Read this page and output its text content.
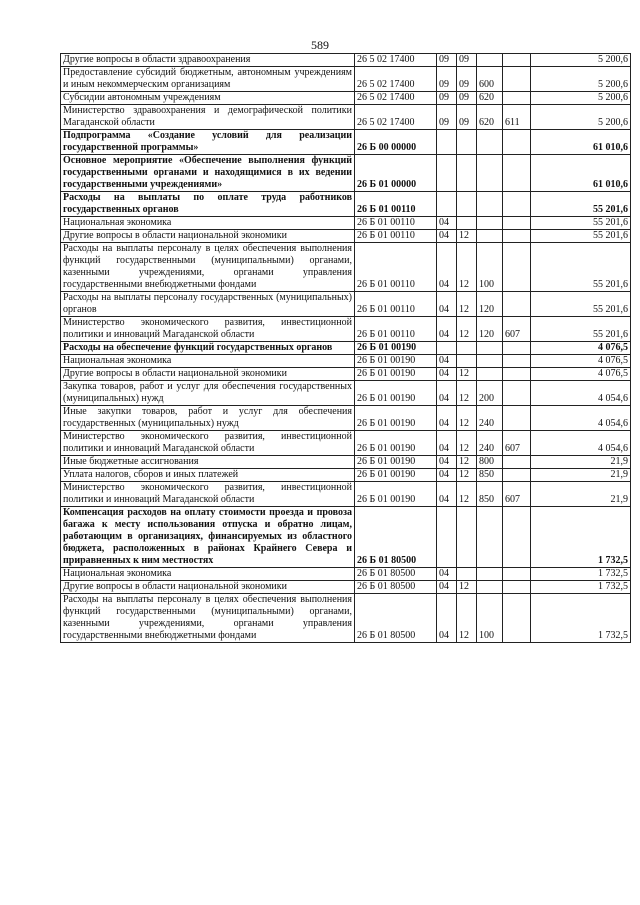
589
Другие вопросы в области здравоохранения	26 5 02 17400	09	09			5 200,6
Предоставление субсидий бюджетным, автономным учреждениям и иным некоммерческим организациям	26 5 02 17400	09	09	600		5 200,6
Субсидии автономным учреждениям	26 5 02 17400	09	09	620		5 200,6
Министерство здравоохранения и демографической политики Магаданской области	26 5 02 17400	09	09	620	611	5 200,6
Подпрограмма «Создание условий для реализации государственной программы»	26 Б 00 00000					61 010,6
Основное мероприятие «Обеспечение выполнения функций государственными органами и находящимися в их ведении государственными учреждениями»	26 Б 01 00000					61 010,6
Расходы на выплаты по оплате труда работников государственных органов	26 Б 01 00110					55 201,6
Национальная экономика	26 Б 01 00110	04				55 201,6
Другие вопросы в области национальной экономики	26 Б 01 00110	04	12			55 201,6
Расходы на выплаты персоналу в целях обеспечения выполнения функций государственными (муниципальными) органами, казенными учреждениями, органами управления государственными внебюджетными фондами	26 Б 01 00110	04	12	100		55 201,6
Расходы на выплаты персоналу государственных (муниципальных) органов	26 Б 01 00110	04	12	120		55 201,6
Министерство экономического развития, инвестиционной политики и инноваций Магаданской области	26 Б 01 00110	04	12	120	607	55 201,6
Расходы на обеспечение функций государственных органов	26 Б 01 00190					4 076,5
Национальная экономика	26 Б 01 00190	04				4 076,5
Другие вопросы в области национальной экономики	26 Б 01 00190	04	12			4 076,5
Закупка товаров, работ и услуг для обеспечения государственных (муниципальных) нужд	26 Б 01 00190	04	12	200		4 054,6
Иные закупки товаров, работ и услуг для обеспечения государственных (муниципальных) нужд	26 Б 01 00190	04	12	240		4 054,6
Министерство экономического развития, инвестиционной политики и инноваций Магаданской области	26 Б 01 00190	04	12	240	607	4 054,6
Иные бюджетные ассигнования	26 Б 01 00190	04	12	800		21,9
Уплата налогов, сборов и иных платежей	26 Б 01 00190	04	12	850		21,9
Министерство экономического развития, инвестиционной политики и инноваций Магаданской области	26 Б 01 00190	04	12	850	607	21,9
Компенсация расходов на оплату стоимости проезда и провоза багажа к месту использования отпуска и обратно лицам, работающим в организациях, финансируемых из областного бюджета, расположенных в районах Крайнего Севера и приравненных к ним местностях	26 Б 01 80500					1 732,5
Национальная экономика	26 Б 01 80500	04				1 732,5
Другие вопросы в области национальной экономики	26 Б 01 80500	04	12			1 732,5
Расходы на выплаты персоналу в целях обеспечения выполнения функций государственными (муниципальными) органами, казенными учреждениями, органами управления государственными внебюджетными фондами	26 Б 01 80500	04	12	100		1 732,5
